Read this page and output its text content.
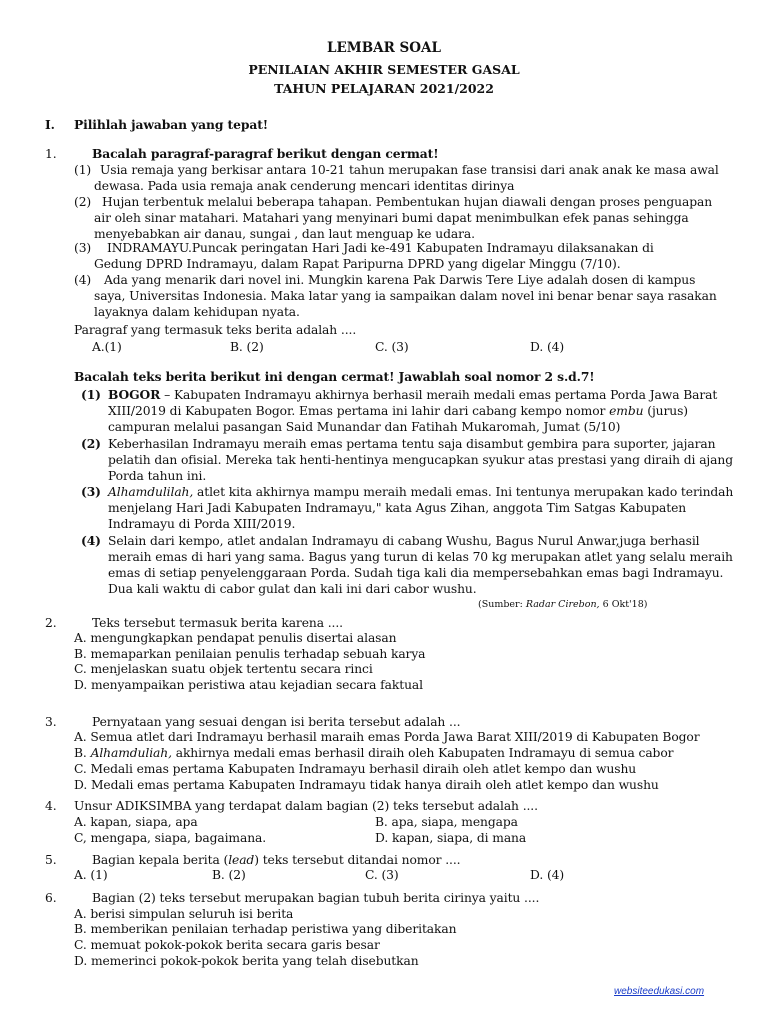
LEMBAR SOAL
PENILAIAN AKHIR SEMESTER GASAL
TAHUN PELAJARAN 2021/2022
I. Pilihlah jawaban yang tepat!
1.	Bacalah paragraf-paragraf berikut dengan cermat!
(1) Usia remaja yang berkisar antara 10-21 tahun merupakan fase transisi dari anak anak ke masa awal
dewasa. Pada usia remaja anak cenderung mencari identitas dirinya
(2) Hujan terbentuk melalui beberapa tahapan. Pembentukan hujan diawali dengan proses penguapan
air oleh sinar matahari. Matahari yang menyinari bumi dapat menimbulkan efek panas sehingga
menyebabkan air danau, sungai , dan laut menguap ke udara.
(3) INDRAMAYU.Puncak peringatan Hari Jadi ke-491 Kabupaten Indramayu dilaksanakan di
Gedung DPRD Indramayu, dalam Rapat Paripurna DPRD yang digelar Minggu (7/10).
(4) Ada yang menarik dari novel ini. Mungkin karena Pak Darwis Tere Liye adalah dosen di kampus
saya, Universitas Indonesia. Maka latar yang ia sampaikan dalam novel ini benar benar saya rasakan
layaknya dalam kehidupan nyata.
Paragraf yang termasuk teks berita adalah ....
A.(1)	B. (2)	C. (3)	D. (4)
Bacalah teks berita berikut ini dengan cermat! Jawablah soal nomor 2 s.d.7!
(1) BOGOR – Kabupaten Indramayu akhirnya berhasil meraih medali emas pertama Porda Jawa Barat
XIII/2019 di Kabupaten Bogor. Emas pertama ini lahir dari cabang kempo nomor embu (jurus)
campuran melalui pasangan Said Munandar dan Fatihah Mukaromah, Jumat (5/10)
(2) Keberhasilan Indramayu meraih emas pertama tentu saja disambut gembira para suporter, jajaran
pelatih dan ofisial. Mereka tak henti-hentinya mengucapkan syukur atas prestasi yang diraih di ajang
Porda tahun ini.
(3) Alhamdulilah, atlet kita akhirnya mampu meraih medali emas. Ini tentunya merupakan kado terindah
menjelang Hari Jadi Kabupaten Indramayu," kata Agus Zihan, anggota Tim Satgas Kabupaten
Indramayu di Porda XIII/2019.
(4) Selain dari kempo, atlet andalan Indramayu di cabang Wushu, Bagus Nurul Anwar,juga berhasil
meraih emas di hari yang sama. Bagus yang turun di kelas 70 kg merupakan atlet yang selalu meraih
emas di setiap penyelenggaraan Porda. Sudah tiga kali dia mempersebahkan emas bagi Indramayu.
Dua kali waktu di cabor gulat dan kali ini dari cabor wushu.
(Sumber: Radar Cirebon, 6 Okt'18)
2.	Teks tersebut termasuk berita karena ....
A. mengungkapkan pendapat penulis disertai alasan
B. memaparkan penilaian penulis terhadap sebuah karya
C. menjelaskan suatu objek tertentu secara rinci
D. menyampaikan peristiwa atau kejadian secara faktual
3.	Pernyataan yang sesuai dengan isi berita tersebut adalah ...
A. Semua atlet dari Indramayu berhasil maraih emas Porda Jawa Barat XIII/2019 di Kabupaten Bogor
B. Alhamduliah, akhirnya medali emas berhasil diraih oleh Kabupaten Indramayu di semua cabor
C. Medali emas pertama Kabupaten Indramayu berhasil diraih oleh atlet kempo dan wushu
D. Medali emas pertama Kabupaten Indramayu tidak hanya diraih oleh atlet kempo dan wushu
4. Unsur ADIKSIMBA yang terdapat dalam bagian (2) teks tersebut adalah ....
A. kapan, siapa, apa	B. apa, siapa, mengapa
C, mengapa, siapa, bagaimana.	D. kapan, siapa, di mana
5.	Bagian kepala berita (lead) teks tersebut ditandai nomor ....
A. (1)	B. (2)	C. (3)	D. (4)
6.	Bagian (2) teks tersebut merupakan bagian tubuh berita cirinya yaitu ....
A. berisi simpulan seluruh isi berita
B. memberikan penilaian terhadap peristiwa yang diberitakan
C. memuat pokok-pokok berita secara garis besar
D. memerinci pokok-pokok berita yang telah disebutkan
websiteedukasi.com
